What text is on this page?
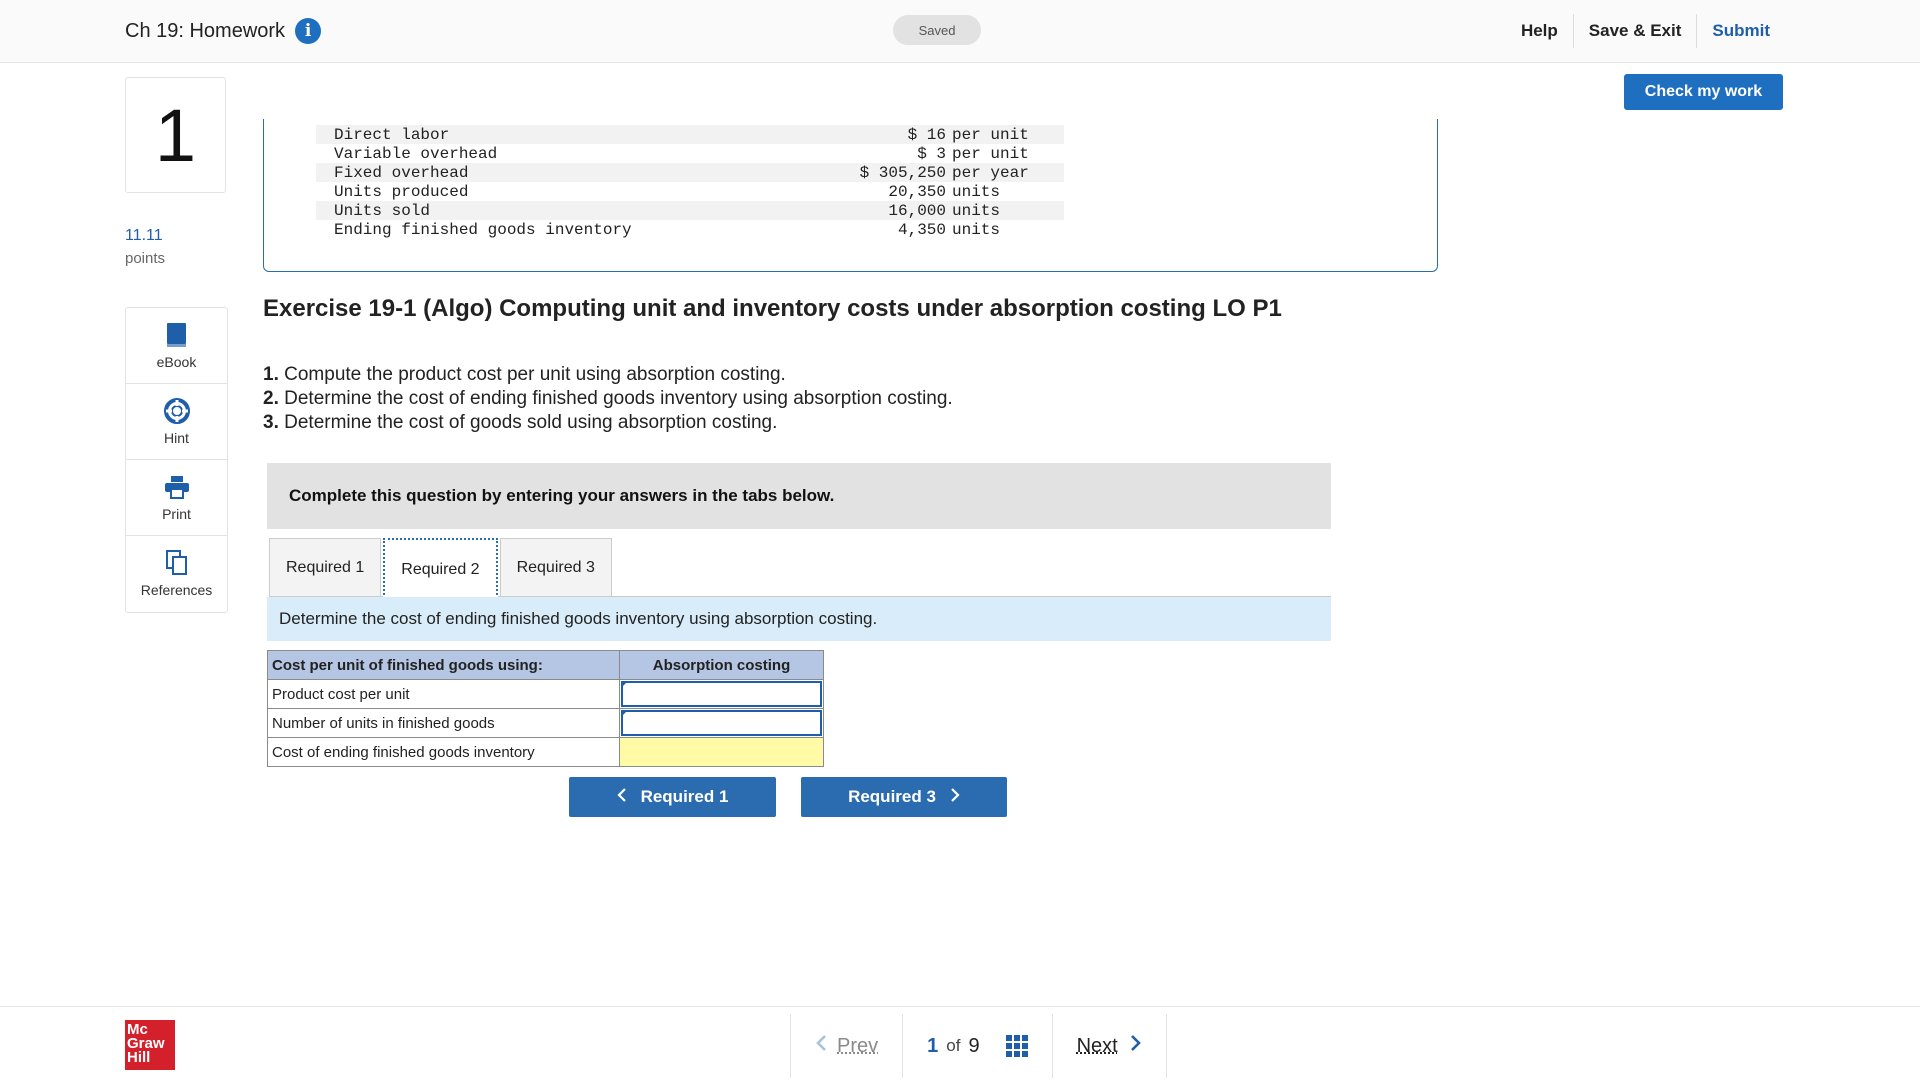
Ch 19: Homework	i	Saved	Help	Save & Exit	Submit
1
11.11
points
eBook
Hint
Print
References
Check my work
Direct labor	$ 16	per unit
Variable overhead	$ 3	per unit
Fixed overhead	$ 305,250	per year
Units produced	20,350	units
Units sold	16,000	units
Ending finished goods inventory	4,350	units
Exercise 19-1 (Algo) Computing unit and inventory costs under absorption costing LO P1
1. Compute the product cost per unit using absorption costing.
2. Determine the cost of ending finished goods inventory using absorption costing.
3. Determine the cost of goods sold using absorption costing.
Complete this question by entering your answers in the tabs below.
Required 1	Required 2	Required 3
Determine the cost of ending finished goods inventory using absorption costing.
Cost per unit of finished goods using:	Absorption costing
Product cost per unit	

Number of units in finished goods	

Cost of ending finished goods inventory	
Required 1	Required 3
Mc
Graw
Hill
Prev 1 of 9	Next
